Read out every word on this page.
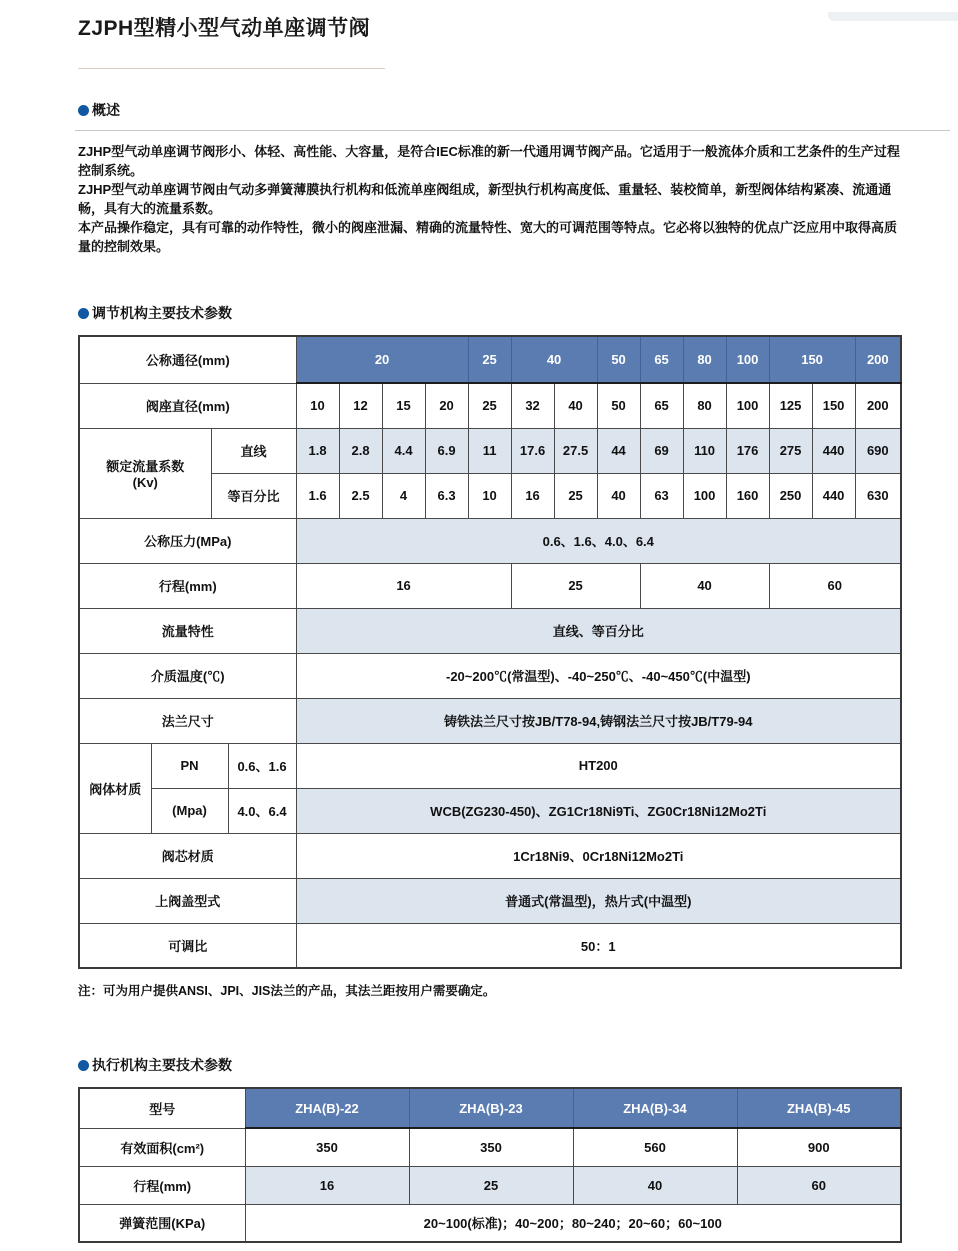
ZJPH型精小型气动单座调节阀
概述

ZJHP型气动单座调节阀形小、体轻、高性能、大容量，是符合IEC标准的新一代通用调节阀产品。它适用于一般流体介质和工艺条件的生产过程控制系统。

ZJHP型气动单座调节阀由气动多弹簧薄膜执行机构和低流单座阀组成，新型执行机构高度低、重量轻、装校简单，新型阀体结构紧凑、流通通畅，具有大的流量系数。

本产品操作稳定，具有可靠的动作特性，微小的阀座泄漏、精确的流量特性、宽大的可调范围等特点。它必将以独特的优点广泛应用中取得高质量的控制效果。

调节机构主要技术参数
公称通径(mm)				20				25	40		50	65	80	100	150		200
阀座直径(mm)				10	12	15	20	25	32	40	50	65	80	100	125	150	200

额定流量系数
(Kv)		直线		1.8	2.8	4.4	6.9	11	17.6	27.5	44	69	110	176	275	440	690
		等百分比		1.6	2.5	4	6.3	10	16	25	40	63	100	160	250	440	630
公称压力(MPa)				0.6、1.6、4.0、6.4													
行程(mm)				16					25			40			60		
流量特性				直线、等百分比													
介质温度(℃)				-20~200℃(常温型)、-40~250℃、-40~450℃(中温型)													
法兰尺寸				铸铁法兰尺寸按JB/T78-94,铸钢法兰尺寸按JB/T79-94													
阀体材质	PN		0.6、1.6	HT200													
	(Mpa)		4.0、6.4	WCB(ZG230-450)、ZG1Cr18Ni9Ti、ZG0Cr18Ni12Mo2Ti													
阀芯材质				1Cr18Ni9、0Cr18Ni12Mo2Ti													
上阀盖型式				普通式(常温型)，热片式(中温型)													
可调比				50：1													
注：可为用户提供ANSI、JPI、JIS法兰的产品，其法兰距按用户需要确定。
执行机构主要技术参数
型号	ZHA(B)-22	ZHA(B)-23	ZHA(B)-34	ZHA(B)-45
有效面积(cm²)	350	350	560	900
行程(mm)	16	25	40	60
弹簧范围(KPa)	20~100(标准)；40~200；80~240；20~60；60~100			
